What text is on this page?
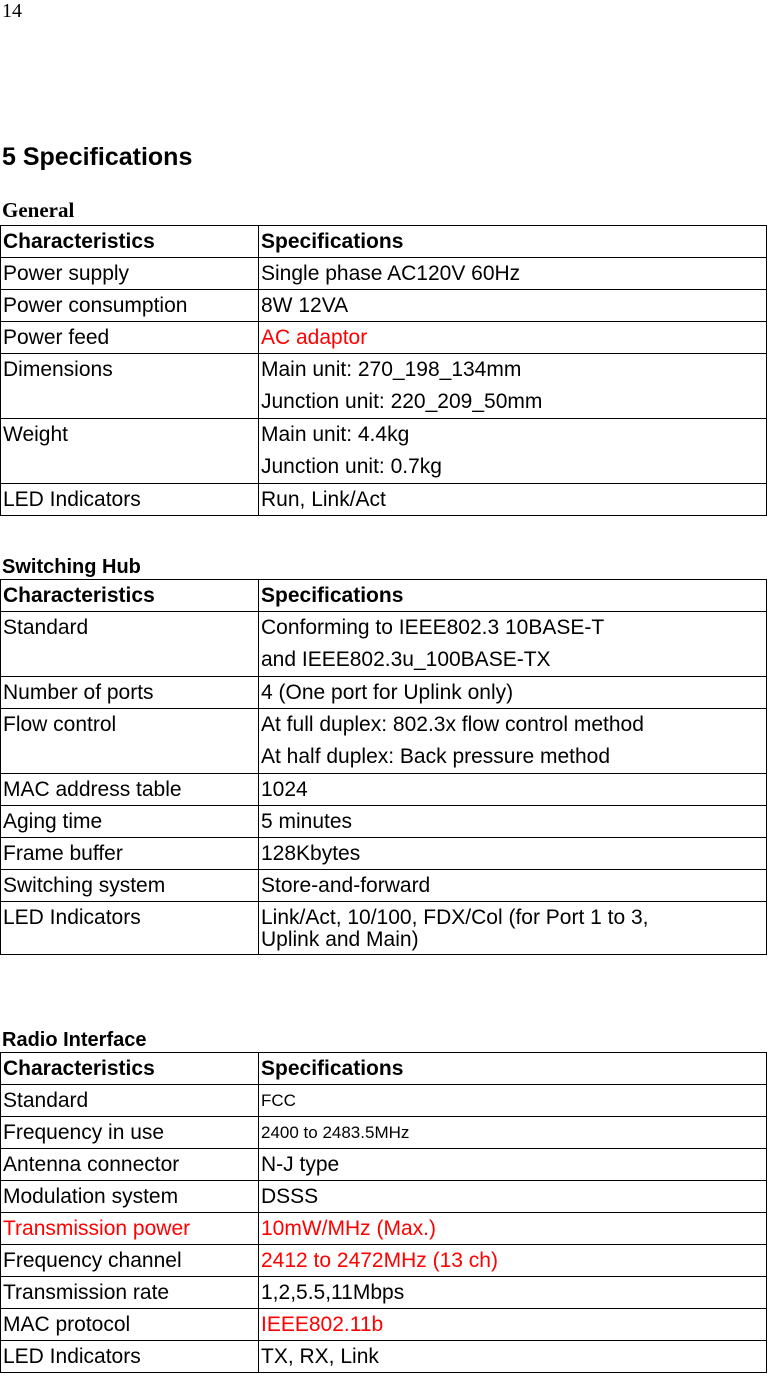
14
5 Specifications
General
Characteristics	Specifications
Power supply	Single phase AC120V 60Hz
Power consumption	8W 12VA
Power feed	AC adaptor
Dimensions	Main unit: 270_198_134mm
Junction unit: 220_209_50mm

Weight	Main unit: 4.4kg
Junction unit: 0.7kg

LED Indicators	Run, Link/Act
Switching Hub
Characteristics	Specifications
Standard	Conforming to IEEE802.3 10BASE-T
and IEEE802.3u_100BASE-TX

Number of ports	4 (One port for Uplink only)
Flow control	At full duplex: 802.3x flow control method
At half duplex: Back pressure method

MAC address table	1024
Aging time	5 minutes
Frame buffer	128Kbytes
Switching system	Store-and-forward
LED Indicators	Link/Act, 10/100, FDX/Col (for Port 1 to 3,
Uplink and Main)
Radio Interface
Characteristics	Specifications
Standard	FCC
Frequency in use	2400 to 2483.5MHz
Antenna connector	N-J type
Modulation system	DSSS
Transmission power	10mW/MHz (Max.)
Frequency channel	2412 to 2472MHz (13 ch)
Transmission rate	1,2,5.5,11Mbps
MAC protocol	IEEE802.11b
LED Indicators	TX, RX, Link
